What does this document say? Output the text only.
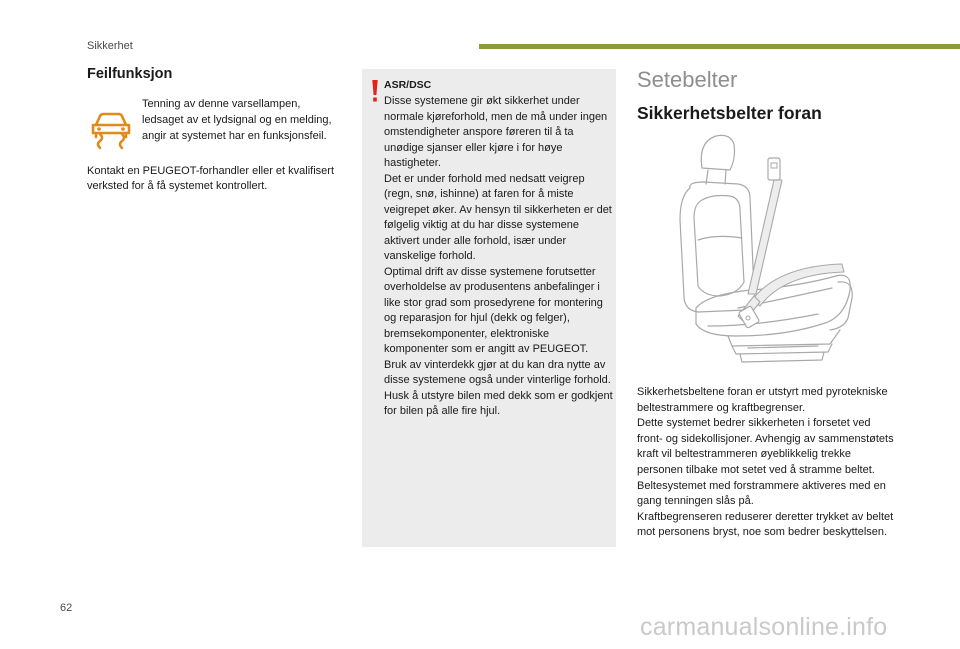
Sikkerhet
Feilfunksjon
Tenning av denne varsellampen, ledsaget av et lydsignal og en melding, angir at systemet har en funksjonsfeil.
Kontakt en PEUGEOT-forhandler eller et kvalifisert verksted for å få systemet kontrollert.
ASR/DSC
Disse systemene gir økt sikkerhet under normale kjøreforhold, men de må under ingen omstendigheter anspore føreren til å ta unødige sjanser eller kjøre i for høye hastigheter.
Det er under forhold med nedsatt veigrep (regn, snø, ishinne) at faren for å miste veigrepet øker. Av hensyn til sikkerheten er det følgelig viktig at du har disse systemene aktivert under alle forhold, især under vanskelige forhold.
Optimal drift av disse systemene forutsetter overholdelse av produsentens anbefalinger i like stor grad som prosedyrene for montering og reparasjon for hjul (dekk og felger), bremsekomponenter, elektroniske komponenter som er angitt av PEUGEOT.
Bruk av vinterdekk gjør at du kan dra nytte av disse systemene også under vinterlige forhold.
Husk å utstyre bilen med dekk som er godkjent for bilen på alle fire hjul.
Setebelter
Sikkerhetsbelter foran
Sikkerhetsbeltene foran er utstyrt med pyrotekniske beltestrammere og kraftbegrenser.
Dette systemet bedrer sikkerheten i forsetet ved front- og sidekollisjoner. Avhengig av sammenstøtets kraft vil beltestrammeren øyeblikkelig trekke personen tilbake mot setet ved å stramme beltet.
Beltesystemet med forstrammere aktiveres med en gang tenningen slås på.
Kraftbegrenseren reduserer deretter trykket av beltet mot personens bryst, noe som bedrer beskyttelsen.
62
carmanualsonline.info
